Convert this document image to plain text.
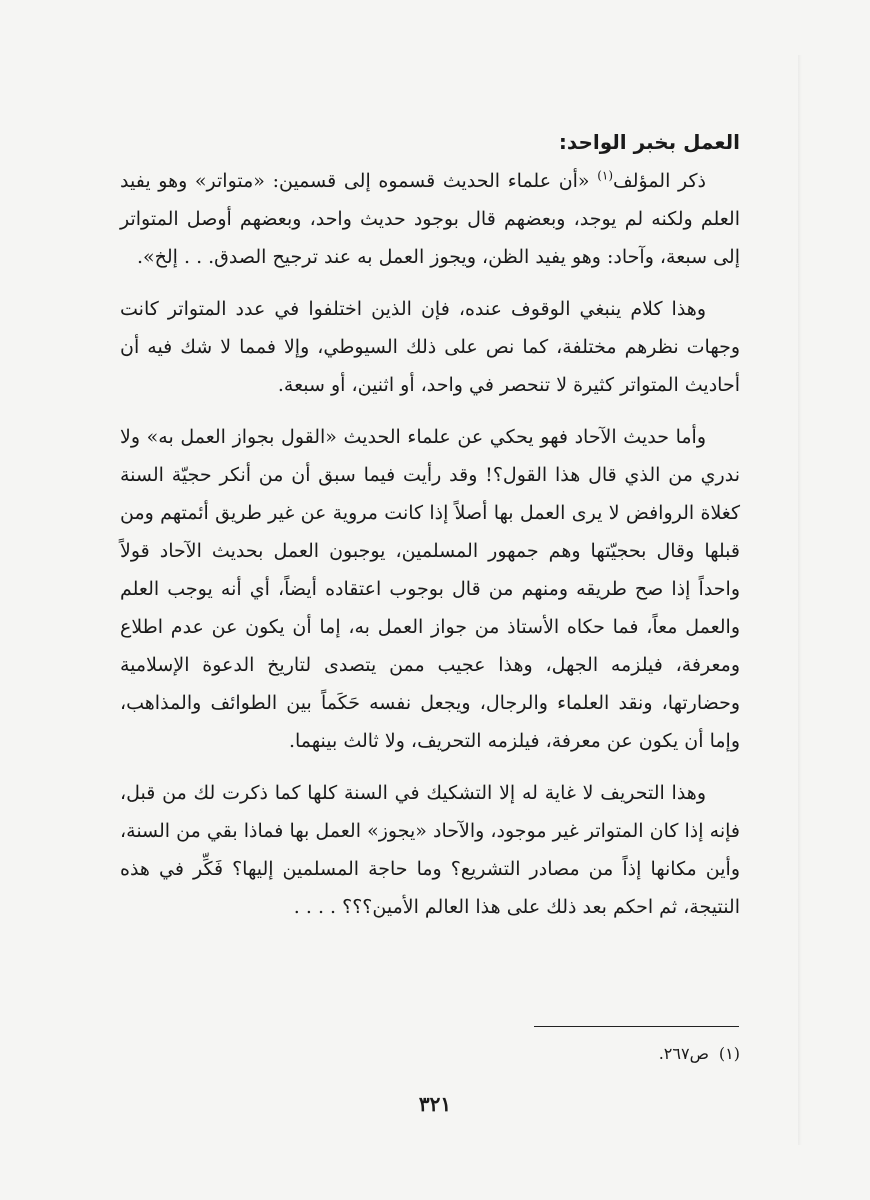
العمل بخبر الواحد:

ذكر المؤلف$^{(١)}$ «أن علماء الحديث قسموه إلى قسمين: «متواتر» وهو يفيد العلم ولكنه لم يوجد، وبعضهم قال بوجود حديث واحد، وبعضهم أوصل المتواتر إلى سبعة، وآحاد: وهو يفيد الظن، ويجوز العمل به عند ترجيح الصدق. . . إلخ».

وهذا كلام ينبغي الوقوف عنده، فإن الذين اختلفوا في عدد المتواتر كانت وجهات نظرهم مختلفة، كما نص على ذلك السيوطي، وإلا فمما لا شك فيه أن أحاديث المتواتر كثيرة لا تنحصر في واحد، أو اثنين، أو سبعة.

وأما حديث الآحاد فهو يحكي عن علماء الحديث «القول بجواز العمل به» ولا ندري من الذي قال هذا القول؟! وقد رأيت فيما سبق أن من أنكر حجيّة السنة كغلاة الروافض لا يرى العمل بها أصلاً إذا كانت مروية عن غير طريق أئمتهم ومن قبلها وقال بحجيّتها وهم جمهور المسلمين، يوجبون العمل بحديث الآحاد قولاً واحداً إذا صح طريقه ومنهم من قال بوجوب اعتقاده أيضاً، أي أنه يوجب العلم والعمل معاً، فما حكاه الأستاذ من جواز العمل به، إما أن يكون عن عدم اطلاع ومعرفة، فيلزمه الجهل، وهذا عجيب ممن يتصدى لتاريخ الدعوة الإسلامية وحضارتها، ونقد العلماء والرجال، ويجعل نفسه حَكَماً بين الطوائف والمذاهب، وإما أن يكون عن معرفة، فيلزمه التحريف، ولا ثالث بينهما.

وهذا التحريف لا غاية له إلا التشكيك في السنة كلها كما ذكرت لك من قبل، فإنه إذا كان المتواتر غير موجود، والآحاد «يجوز» العمل بها فماذا بقي من السنة، وأين مكانها إذاً من مصادر التشريع؟ وما حاجة المسلمين إليها؟ فَكِّر في هذه النتيجة، ثم احكم بعد ذلك على هذا العالم الأمين؟؟؟ . . . .

(١)ص٢٦٧.
٣٢١
